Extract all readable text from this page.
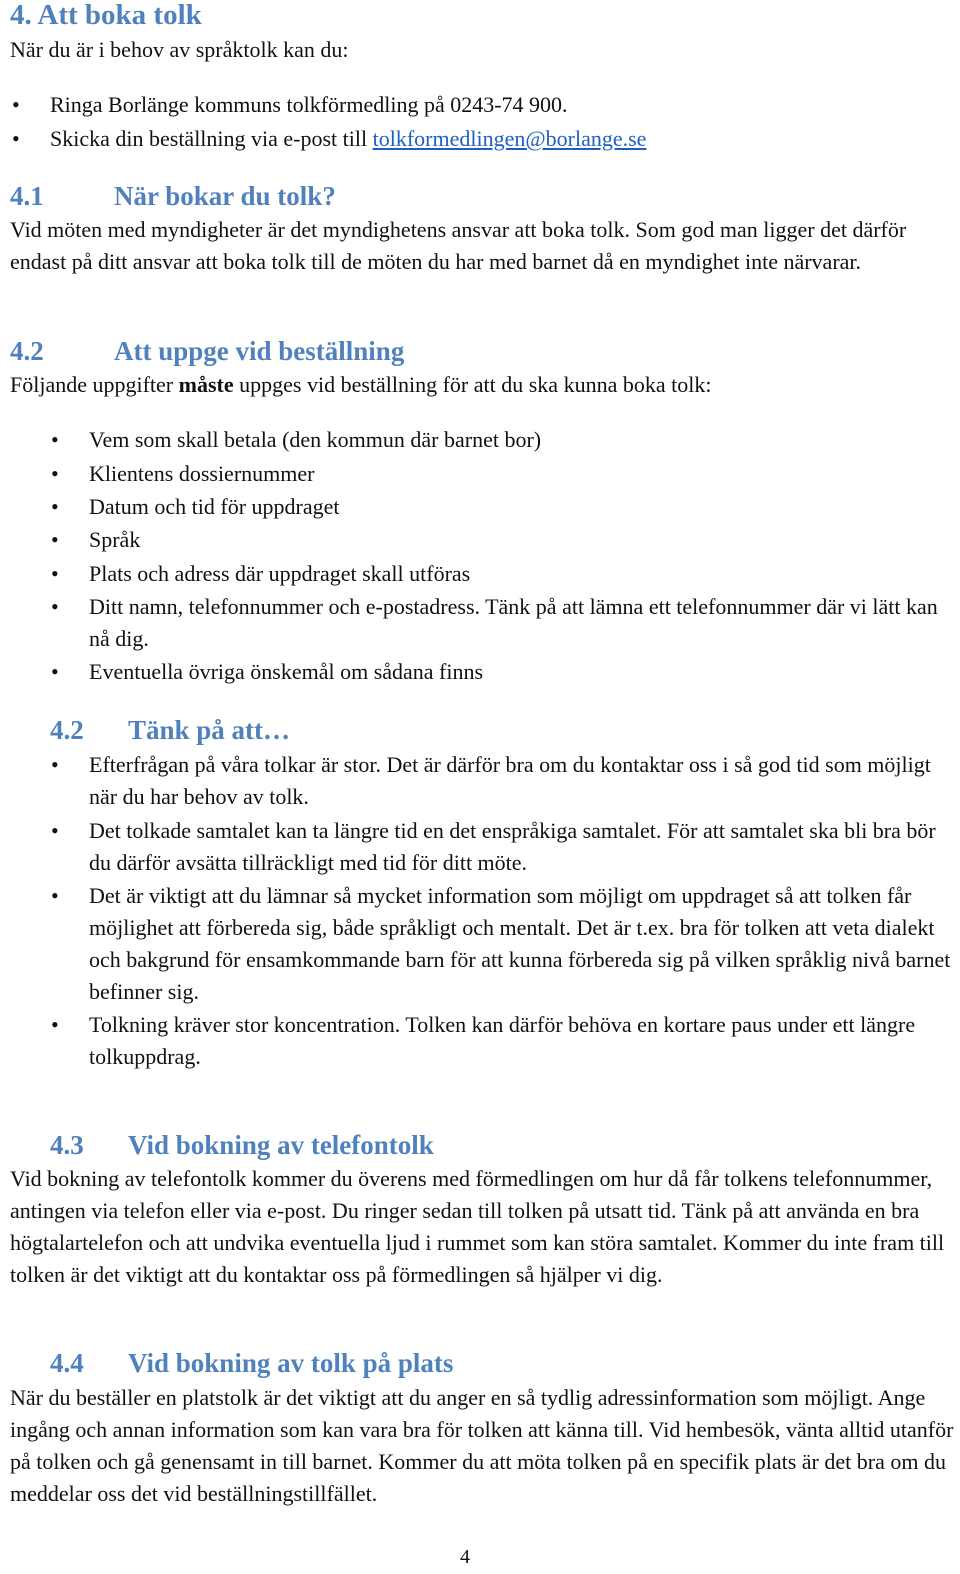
4. Att boka tolk

När du är i behov av språktolk kan du:

• Ringa Borlänge kommuns tolkförmedling på 0243-74 900.
• Skicka din beställning via e-post till tolkformedlingen@borlange.se
4.1	När bokar du tolk?

Vid möten med myndigheter är det myndighetens ansvar att boka tolk. Som god man ligger det därför endast på ditt ansvar att boka tolk till de möten du har med barnet då en myndighet inte närvarar.

4.2	Att uppge vid beställning

Följande uppgifter måste uppges vid beställning för att du ska kunna boka tolk:

• Vem som skall betala (den kommun där barnet bor)
• Klientens dossiernummer
• Datum och tid för uppdraget
• Språk
• Plats och adress där uppdraget skall utföras
• Ditt namn, telefonnummer och e-postadress. Tänk på att lämna ett telefonnummer där vi lätt kan nå dig.
• Eventuella övriga önskemål om sådana finns
4.2 Tänk på att…
• Efterfrågan på våra tolkar är stor. Det är därför bra om du kontaktar oss i så god tid som möjligt när du har behov av tolk.
• Det tolkade samtalet kan ta längre tid en det enspråkiga samtalet. För att samtalet ska bli bra bör du därför avsätta tillräckligt med tid för ditt möte.
• Det är viktigt att du lämnar så mycket information som möjligt om uppdraget så att tolken får möjlighet att förbereda sig, både språkligt och mentalt. Det är t.ex. bra för tolken att veta dialekt och bakgrund för ensamkommande barn för att kunna förbereda sig på vilken språklig nivå barnet befinner sig.
• Tolkning kräver stor koncentration. Tolken kan därför behöva en kortare paus under ett längre tolkuppdrag.
4.3 Vid bokning av telefontolk

Vid bokning av telefontolk kommer du överens med förmedlingen om hur då får tolkens telefonnummer, antingen via telefon eller via e-post. Du ringer sedan till tolken på utsatt tid. Tänk på att använda en bra högtalartelefon och att undvika eventuella ljud i rummet som kan störa samtalet. Kommer du inte fram till tolken är det viktigt att du kontaktar oss på förmedlingen så hjälper vi dig.

4.4 Vid bokning av tolk på plats

När du beställer en platstolk är det viktigt att du anger en så tydlig adressinformation som möjligt. Ange ingång och annan information som kan vara bra för tolken att känna till. Vid hembesök, vänta alltid utanför på tolken och gå genensamt in till barnet. Kommer du att möta tolken på en specifik plats är det bra om du meddelar oss det vid beställningstillfället.

4
